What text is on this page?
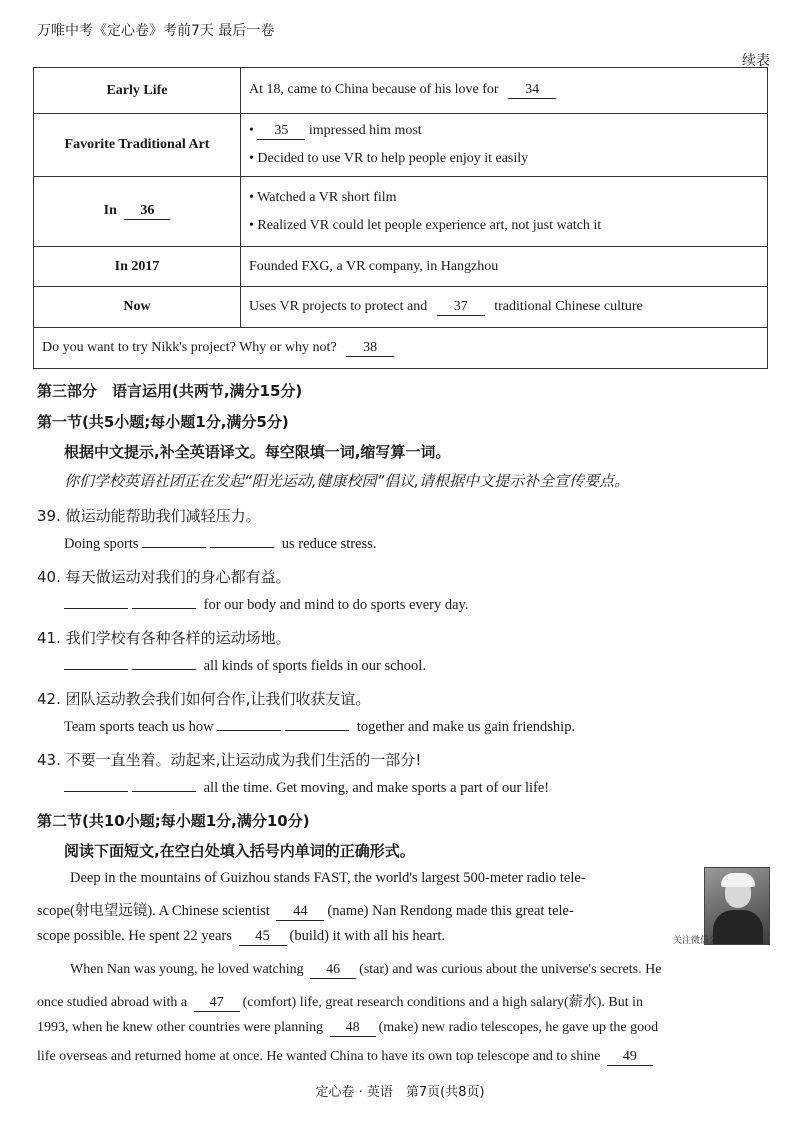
万唯中考《定心卷》考前7天 最后一卷
续表
Early Life	At 18, came to China because of his love for 34
Favorite Traditional Art	• 35 impressed him most

• Decided to use VR to help people enjoy it easily

In 36	• Watched a VR short film

• Realized VR could let people experience art, not just watch it

In 2017	Founded FXG, a VR company, in Hangzhou
Now	Uses VR projects to protect and 37 traditional Chinese culture
Do you want to try Nikk's project? Why or why not? 38	
第三部分　语言运用(共两节,满分15分)
第一节(共5小题;每小题1分,满分5分)
根据中文提示,补全英语译文。每空限填一词,缩写算一词。
你们学校英语社团正在发起“阳光运动,健康校园”倡议,请根据中文提示补全宣传要点。
39. 做运动能帮助我们减轻压力。
Doing sports	us reduce stress.
40. 每天做运动对我们的身心都有益。
for our body and mind to do sports every day.
41. 我们学校有各种各样的运动场地。
all kinds of sports fields in our school.
42. 团队运动教会我们如何合作,让我们收获友谊。
Team sports teach us how	together and make us gain friendship.
43. 不要一直坐着。动起来,让运动成为我们生活的一部分!
all the time. Get moving, and make sports a part of our life!
第二节(共10小题;每小题1分,满分10分)
阅读下面短文,在空白处填入括号内单词的正确形式。
关注微信公
Deep in the mountains of Guizhou stands FAST, the world's largest 500-meter radio tele-
scope(射电望远镜). A Chinese scientist 44 (name) Nan Rendong made this great tele-
scope possible. He spent 22 years 45 (build) it with all his heart.
When Nan was young, he loved watching 46 (star) and was curious about the universe's secrets. He
once studied abroad with a 47 (comfort) life, great research conditions and a high salary(薪水). But in
1993, when he knew other countries were planning 48 (make) new radio telescopes, he gave up the good
life overseas and returned home at once. He wanted China to have its own top telescope and to shine 49
定心卷 · 英语　第7页(共8页)
